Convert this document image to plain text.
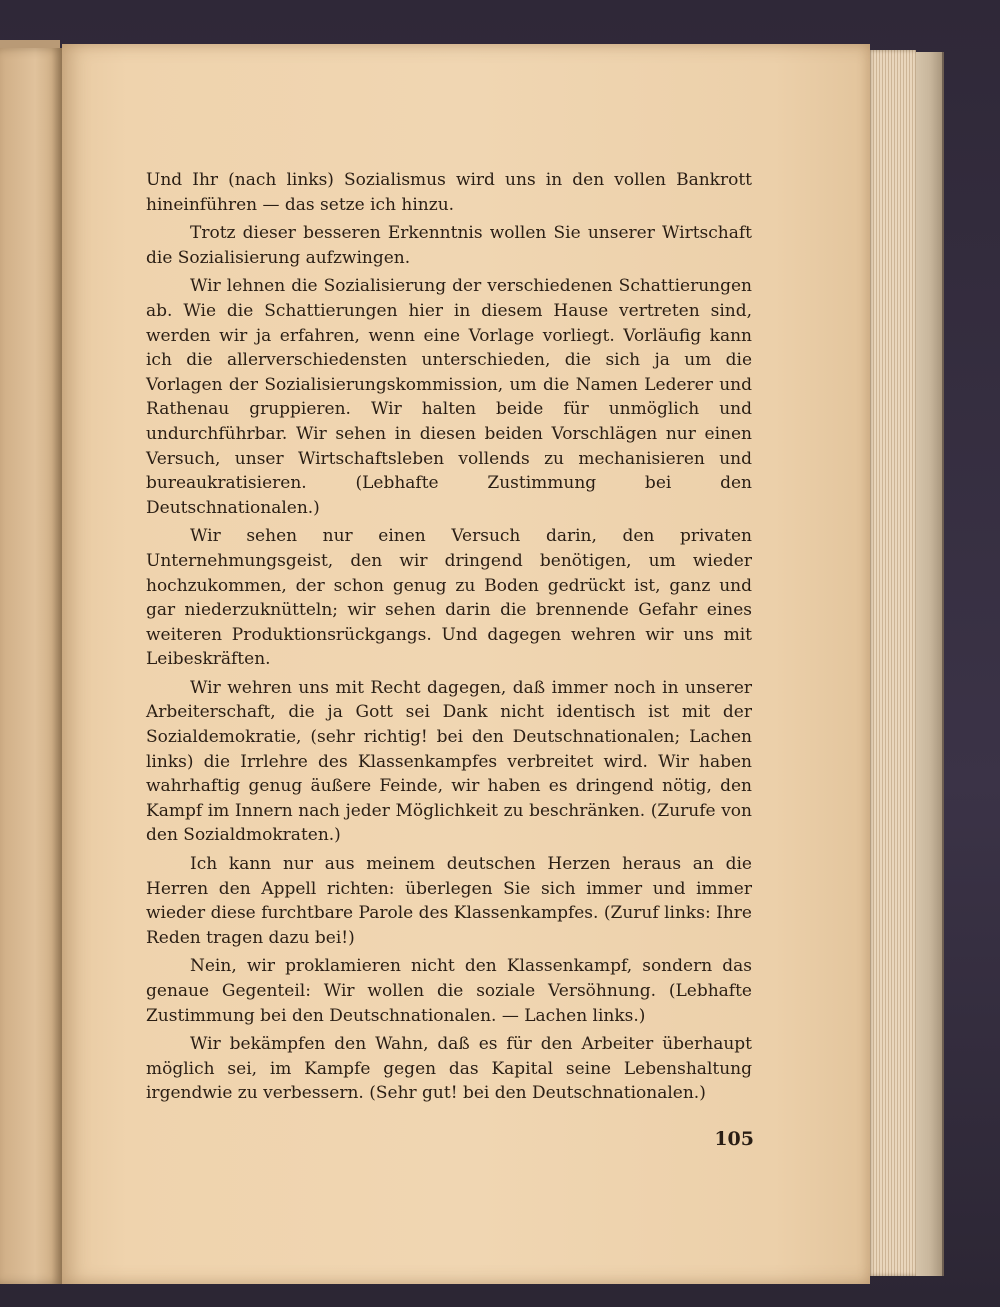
Und Ihr (nach links) Sozialismus wird uns in den vollen Bankrott hineinführen — das setze ich hinzu.

Trotz dieser besseren Erkenntnis wollen Sie unserer Wirtschaft die Sozialisierung aufzwingen.

Wir lehnen die Sozialisierung der verschiedenen Schattierungen ab. Wie die Schattierungen hier in diesem Hause vertreten sind, werden wir ja erfahren, wenn eine Vorlage vorliegt. Vorläufig kann ich die allerverschiedensten unterschieden, die sich ja um die Vorlagen der Sozialisierungskommission, um die Namen Lederer und Rathenau gruppieren. Wir halten beide für unmöglich und undurchführbar. Wir sehen in diesen beiden Vorschlägen nur einen Versuch, unser Wirtschaftsleben vollends zu mechanisieren und bureaukratisieren. (Lebhafte Zustimmung bei den Deutschnationalen.)

Wir sehen nur einen Versuch darin, den privaten Unternehmungsgeist, den wir dringend benötigen, um wieder hochzukommen, der schon genug zu Boden gedrückt ist, ganz und gar niederzuknütteln; wir sehen darin die brennende Gefahr eines weiteren Produktionsrückgangs. Und dagegen wehren wir uns mit Leibeskräften.

Wir wehren uns mit Recht dagegen, daß immer noch in unserer Arbeiterschaft, die ja Gott sei Dank nicht identisch ist mit der Sozialdemokratie, (sehr richtig! bei den Deutschnationalen; Lachen links) die Irrlehre des Klassenkampfes verbreitet wird. Wir haben wahrhaftig genug äußere Feinde, wir haben es dringend nötig, den Kampf im Innern nach jeder Möglichkeit zu beschränken. (Zurufe von den Sozialdmokraten.)

Ich kann nur aus meinem deutschen Herzen heraus an die Herren den Appell richten: überlegen Sie sich immer und immer wieder diese furchtbare Parole des Klassenkampfes. (Zuruf links: Ihre Reden tragen dazu bei!)

Nein, wir proklamieren nicht den Klassenkampf, sondern das genaue Gegenteil: Wir wollen die soziale Versöhnung. (Lebhafte Zustimmung bei den Deutschnationalen. — Lachen links.)

Wir bekämpfen den Wahn, daß es für den Arbeiter überhaupt möglich sei, im Kampfe gegen das Kapital seine Lebenshaltung irgendwie zu verbessern. (Sehr gut! bei den Deutschnationalen.)

105
